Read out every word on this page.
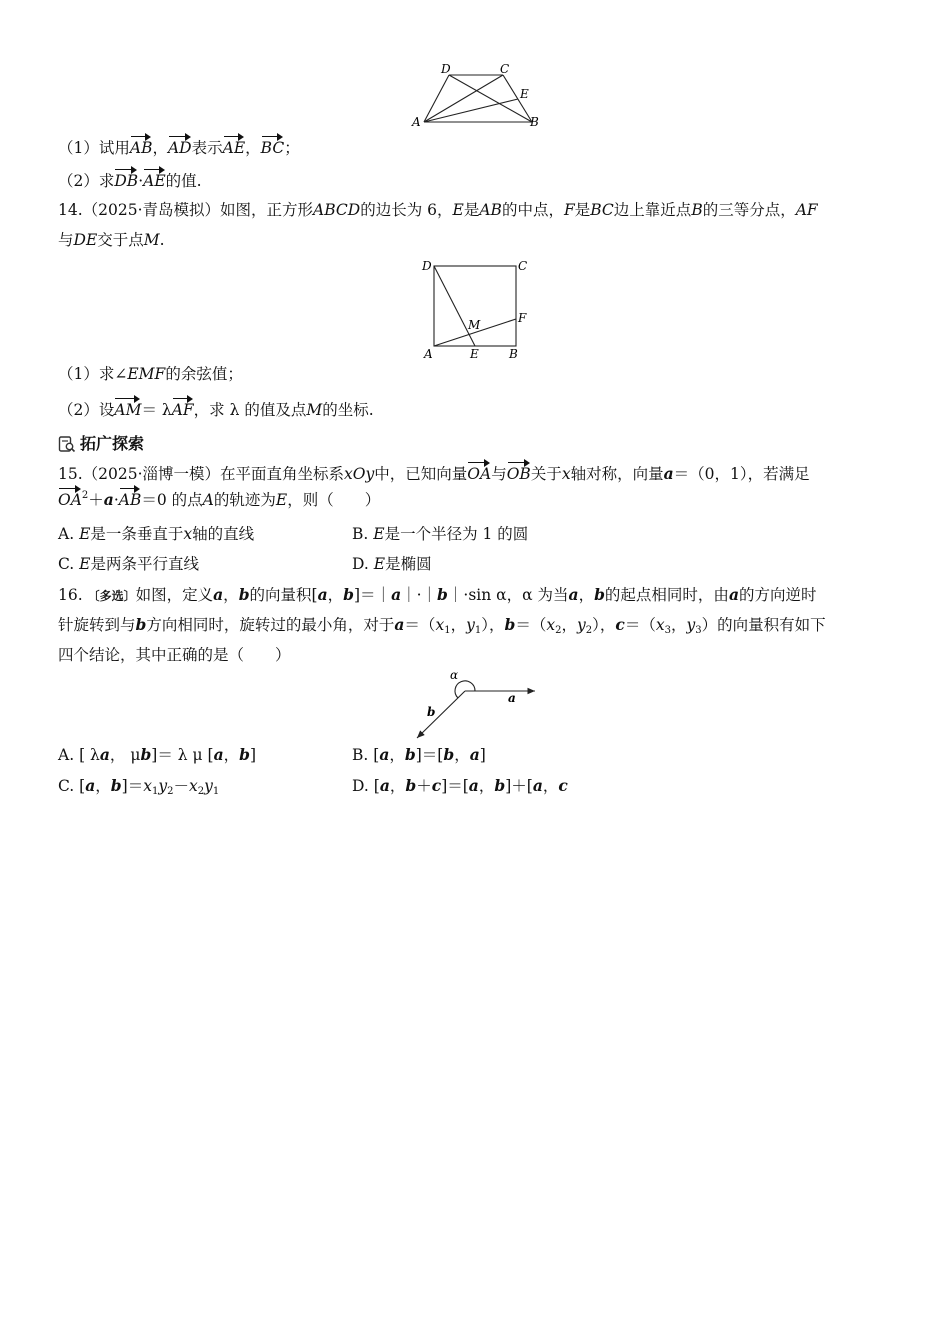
D	C
E
A	B
（1）试用AB，AD表示AE，BC；
（2）求DB·AE的值.
14.（2025·青岛模拟）如图，正方形ABCD的边长为 6，E是AB的中点，F是BC边上靠近点B的三等分点，AF
与DE交于点M.
D	C
F
M
A	E	B
（1）求∠EMF的余弦值；
（2）设AM＝ λAF，求 λ 的值及点M的坐标.
拓广探索
15.（2025·淄博一模）在平面直角坐标系xOy中，已知向量OA与OB关于x轴对称，向量a＝（0，1），若满足
$OA^2+a\cdot AB=0$ 的点A的轨迹为E，则（　　）
A. E是一条垂直于x轴的直线	B. E是一个半径为 1 的圆
C. E是两条平行直线	D. E是椭圆
16. 〔多选〕如图，定义a，b的向量积[a，b]＝｜a｜·｜b｜·sin α，α 为当a，b的起点相同时，由a的方向逆时
针旋转到与b方向相同时，旋转过的最小角，对于$a=(x_1$，$y_1$），$b=(x_2$，$y_2$），$c=(x_3$，$y_3$）的向量积有如下
四个结论，其中正确的是（　　）
α
a
b
A. [ λa， μb]＝ λ μ [a，b]	B. [a，b]＝[b，a]
C. [a，$b]=x_1y_2-x_2y_1$	D. [a，b＋c]＝[a，b]＋[a，c
